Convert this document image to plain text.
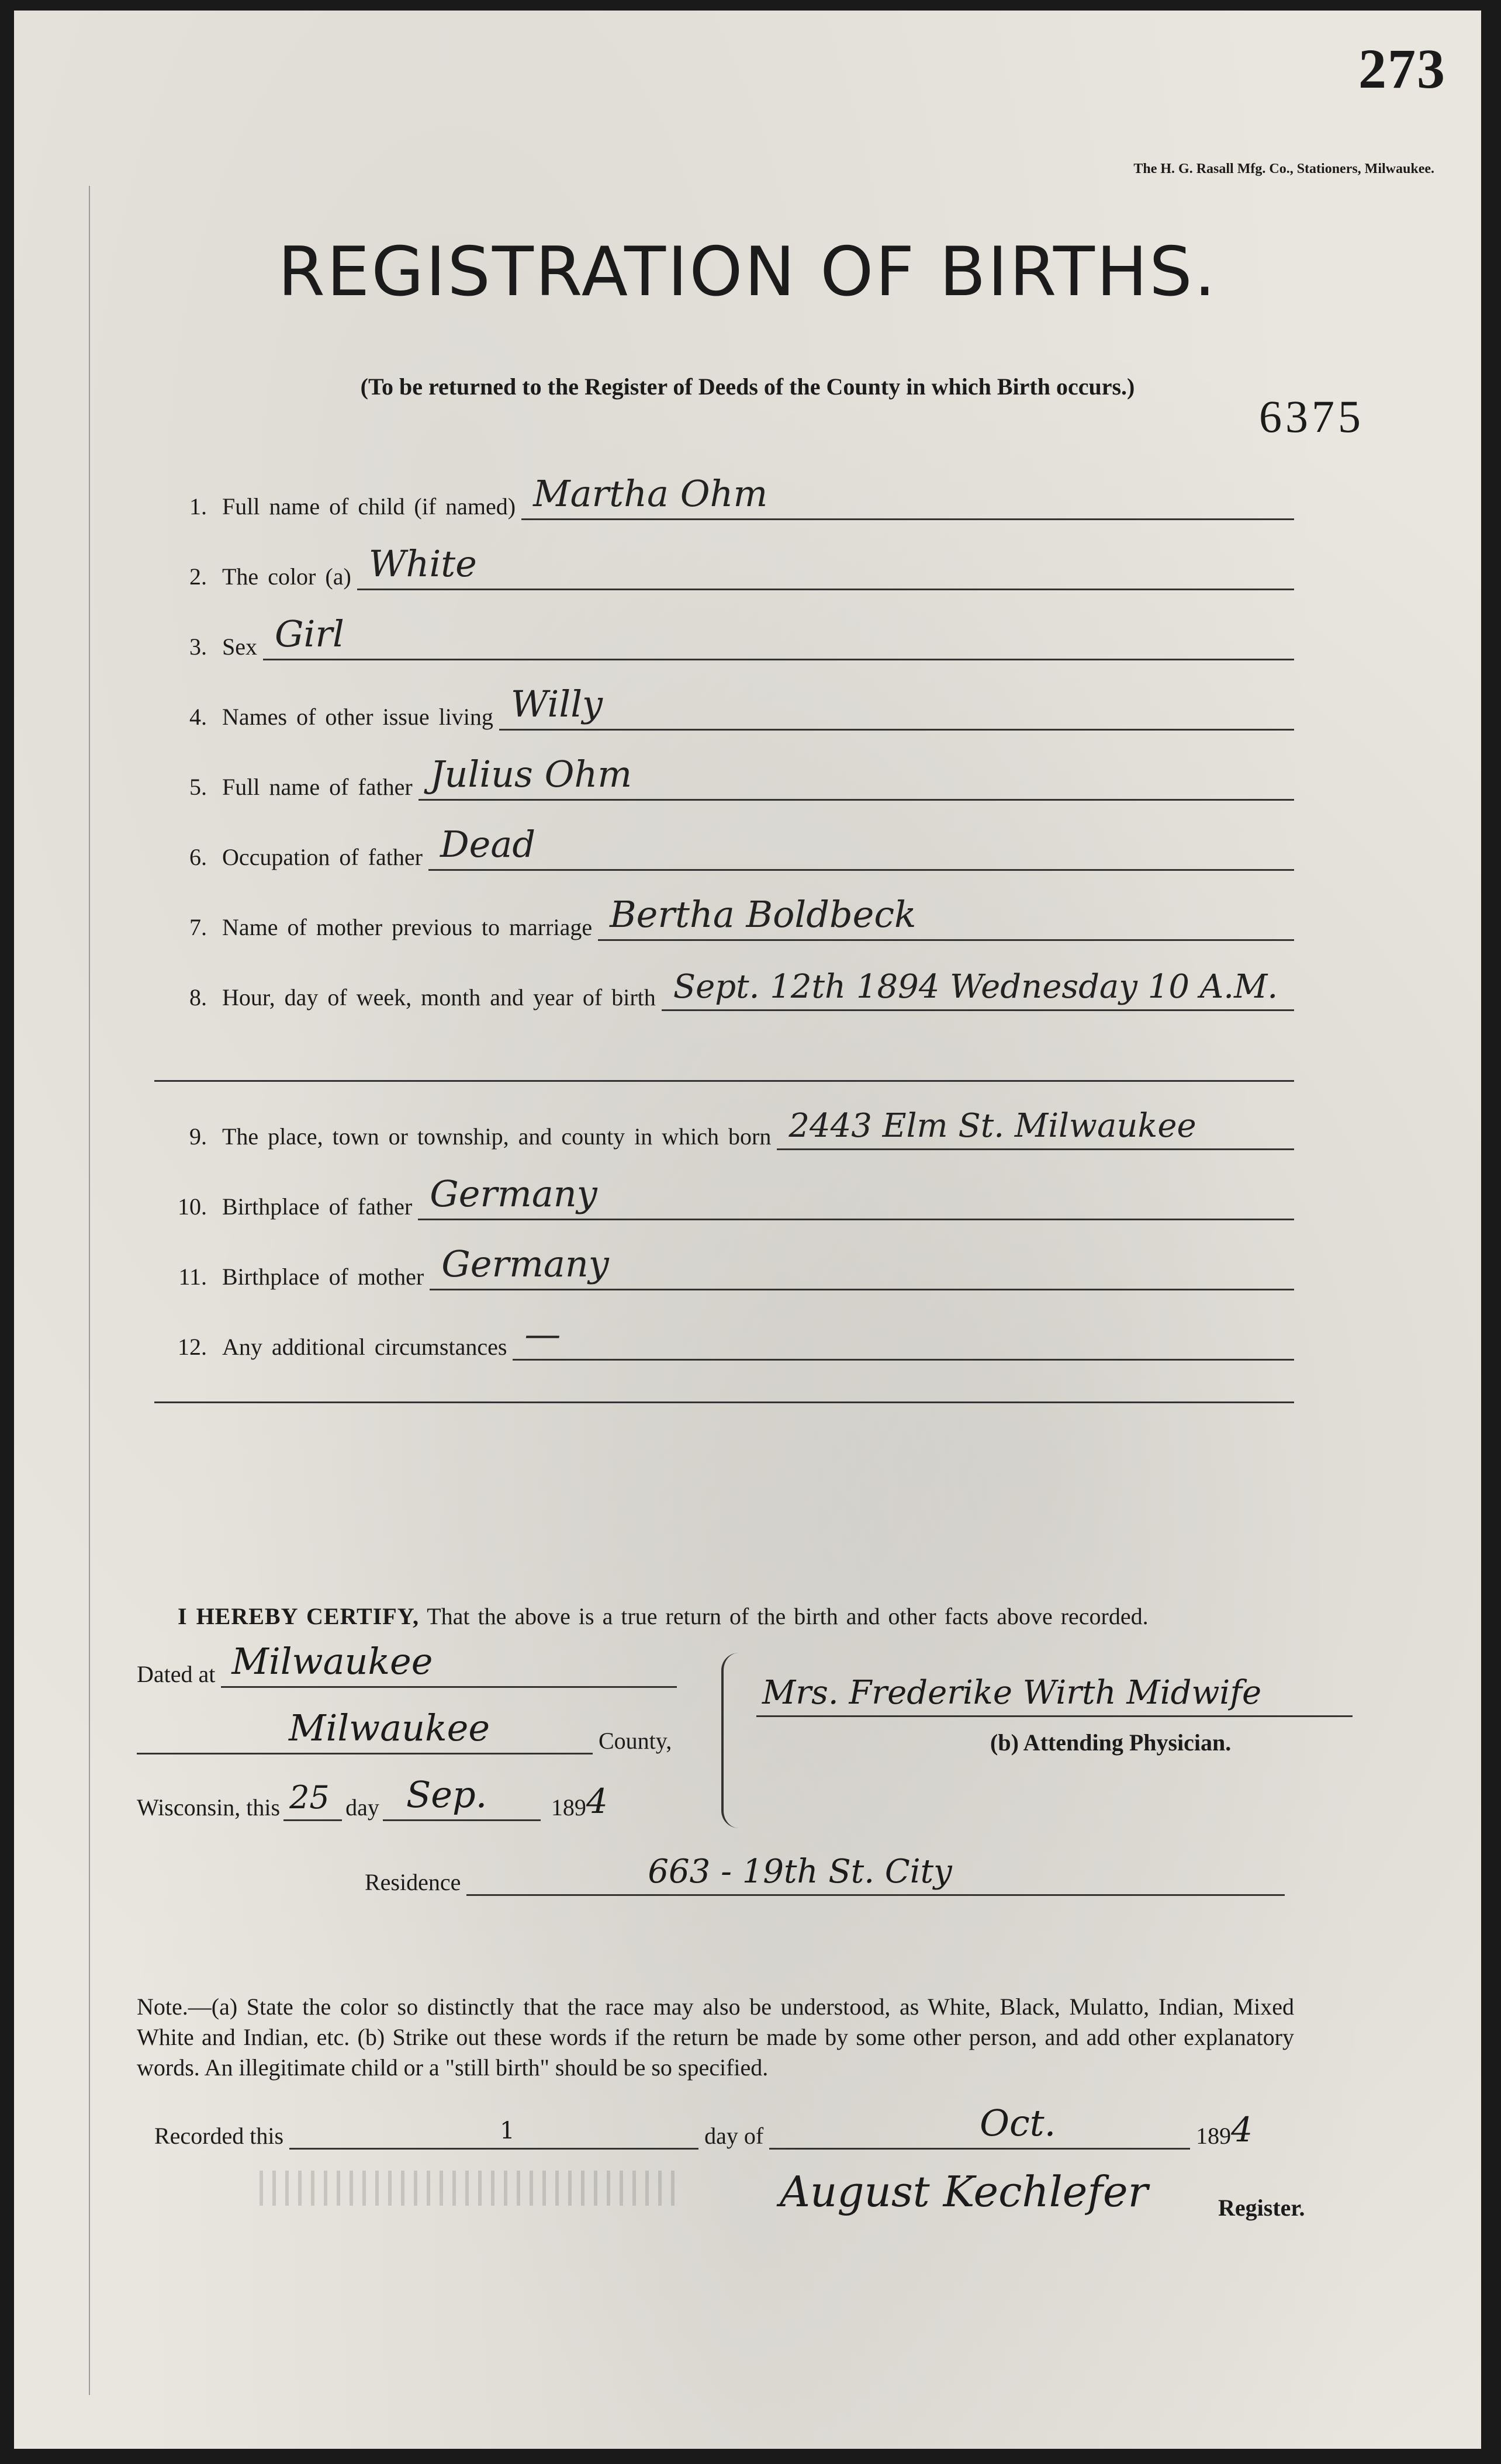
273
The H. G. Rasall Mfg. Co., Stationers, Milwaukee.
REGISTRATION OF BIRTHS.
(To be returned to the Register of Deeds of the County in which Birth occurs.)
6375
1. Full name of child (if named) Martha Ohm
2. The color (a) White
3. Sex Girl
4. Names of other issue living Willy
5. Full name of father Julius Ohm
6. Occupation of father Dead
7. Name of mother previous to marriage Bertha Boldbeck
8. Hour, day of week, month and year of birth Sept. 12th 1894 Wednesday 10 A.M.
9. The place, town or township, and county in which born 2443 Elm St. Milwaukee
10. Birthplace of father Germany
11. Birthplace of mother Germany
12. Any additional circumstances —
I HEREBY CERTIFY, That the above is a true return of the birth and other facts above recorded.
Dated at Milwaukee
Milwaukee	County,
Wisconsin, this 25 day Sep.	189 4
Mrs. Frederike Wirth Midwife
(b) Attending Physician.
Residence	663 - 19th St. City
Note.—(a) State the color so distinctly that the race may also be understood, as White, Black, Mulatto, Indian, Mixed White and Indian, etc. (b) Strike out these words if the return be made by some other person, and add other explanatory words. An illegitimate child or a "still birth" should be so specified.
Recorded this	1	day of	Oct.	189 4
August Kechlefer	Register.
